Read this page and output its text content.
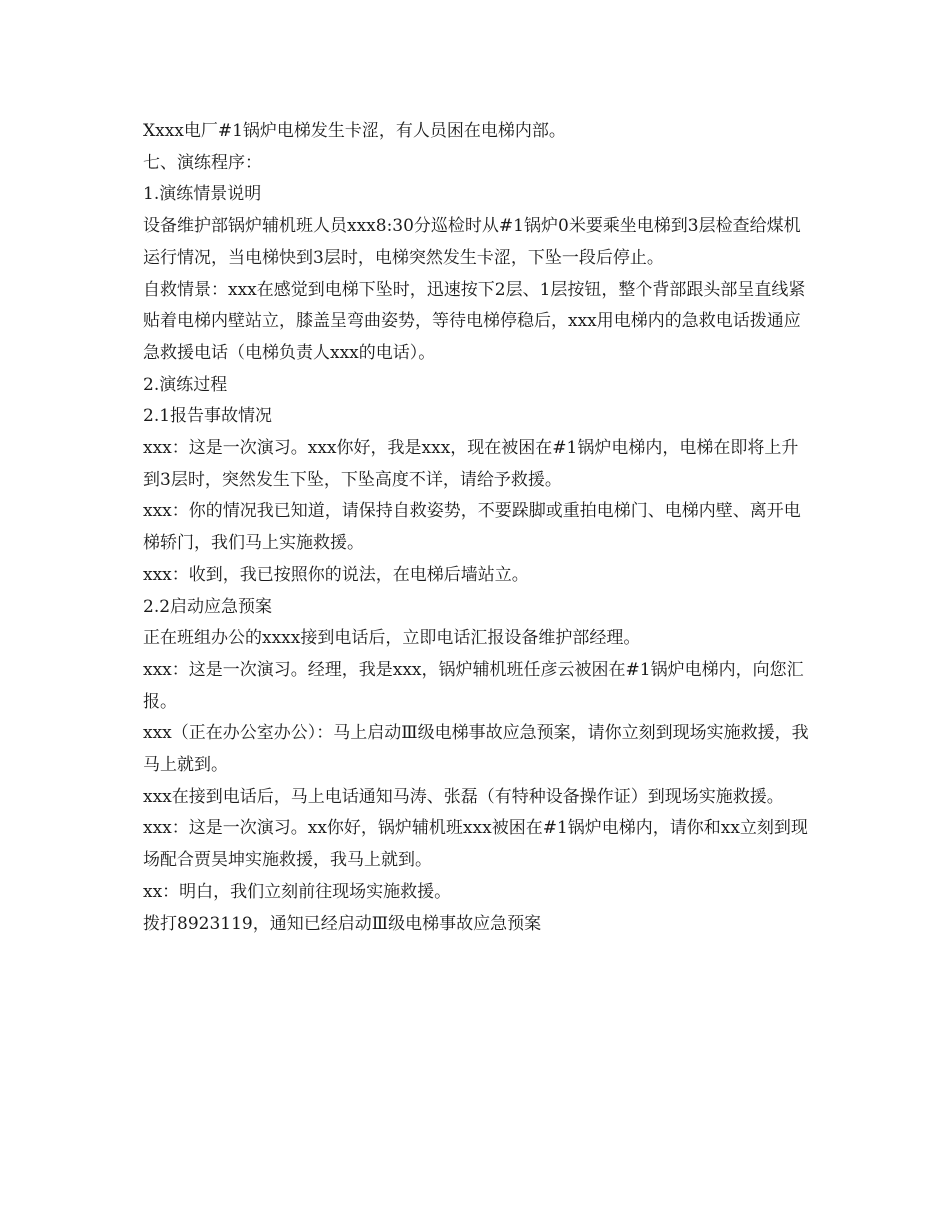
Xxxx电厂#1锅炉电梯发生卡涩，有人员困在电梯内部。

七、演练程序：

1.演练情景说明

设备维护部锅炉辅机班人员xxx8:30分巡检时从#1锅炉0米要乘坐电梯到3层检查给煤机运行情况，当电梯快到3层时，电梯突然发生卡涩，下坠一段后停止。

自救情景：xxx在感觉到电梯下坠时，迅速按下2层、1层按钮，整个背部跟头部呈直线紧贴着电梯内壁站立，膝盖呈弯曲姿势，等待电梯停稳后，xxx用电梯内的急救电话拨通应急救援电话（电梯负责人xxx的电话）。

2.演练过程

2.1报告事故情况

xxx：这是一次演习。xxx你好，我是xxx，现在被困在#1锅炉电梯内，电梯在即将上升到3层时，突然发生下坠，下坠高度不详，请给予救援。

xxx：你的情况我已知道，请保持自救姿势，不要跺脚或重拍电梯门、电梯内壁、离开电梯轿门，我们马上实施救援。

xxx：收到，我已按照你的说法，在电梯后墙站立。

2.2启动应急预案

正在班组办公的xxxx接到电话后，立即电话汇报设备维护部经理。

xxx：这是一次演习。经理，我是xxx，锅炉辅机班任彦云被困在#1锅炉电梯内，向您汇报。

xxx（正在办公室办公）：马上启动Ⅲ级电梯事故应急预案，请你立刻到现场实施救援，我马上就到。

xxx在接到电话后，马上电话通知马涛、张磊（有特种设备操作证）到现场实施救援。

xxx：这是一次演习。xx你好，锅炉辅机班xxx被困在#1锅炉电梯内，请你和xx立刻到现场配合贾昊坤实施救援，我马上就到。

xx：明白，我们立刻前往现场实施救援。

拨打8923119，通知已经启动Ⅲ级电梯事故应急预案
